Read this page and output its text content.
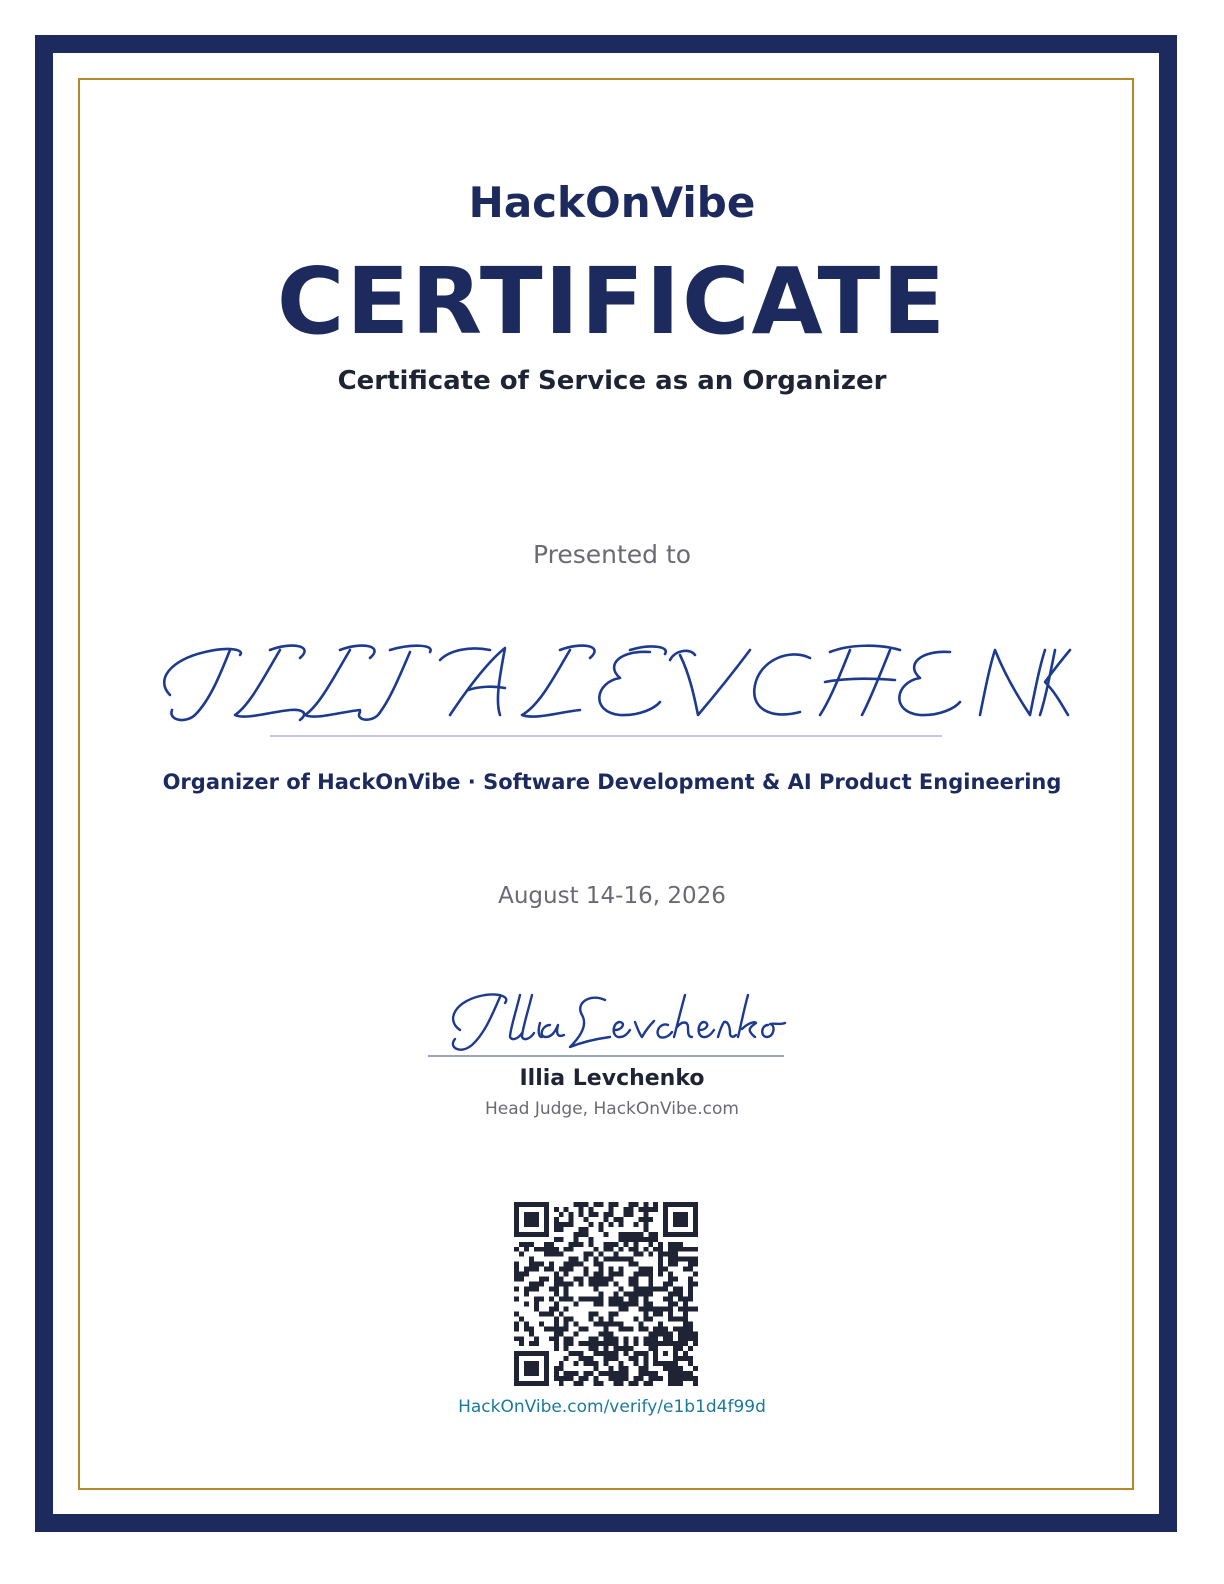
HackOnVibe
CERTIFICATE
Certificate of Service as an Organizer
Presented to
Organizer of HackOnVibe · Software Development & AI Product Engineering
August 14-16, 2026
Illia Levchenko
Head Judge, HackOnVibe.com
HackOnVibe.com/verify/e1b1d4f99d
